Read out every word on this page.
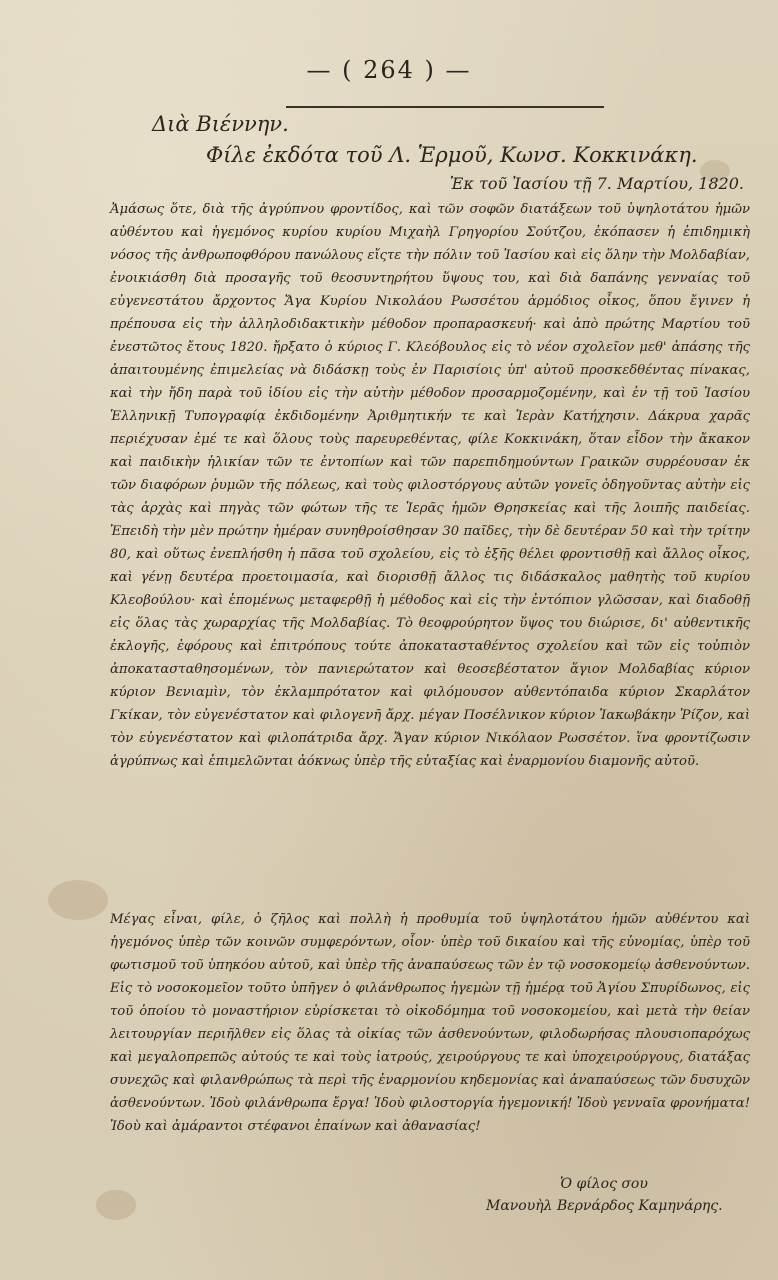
— ( 264 ) —
Διὰ Βιέννην.
Φίλε ἐκδότα τοῦ Λ. Ἑρμοῦ, Κωνσ. Κοκκινάκη.
Ἐκ τοῦ Ἰασίου τῇ 7. Μαρτίου, 1820.
Ἀμάσως ὅτε, διὰ τῆς ἀγρύπνου φροντίδος, καὶ τῶν σοφῶν διατάξεων τοῦ ὑψηλοτάτου ἡμῶν αὐθέντου καὶ ἡγεμόνος κυρίου κυρίου Μιχαὴλ Γρηγορίου Σούτζου, ἐκόπασεν ἡ ἐπιδημικὴ νόσος τῆς ἀνθρωποφθόρου πανώλους εἴςτε τὴν πόλιν τοῦ Ἰασίου καὶ εἰς ὅλην τὴν Μολδαβίαν, ἐνοικιάσθη διὰ προσαγῆς τοῦ θεοσυντηρήτου ὕψους του, καὶ διὰ δαπάνης γενναίας τοῦ εὐγενεστάτου ἄρχοντος Ἄγα Κυρίου Νικολάου Ρωσσέτου ἁρμόδιος οἶκος, ὅπου ἔγινεν ἡ πρέπουσα εἰς τὴν ἀλληλοδιδακτικὴν μέθοδον προπαρασκευή· καὶ ἀπὸ πρώτης Μαρτίου τοῦ ἐνεστῶτος ἔτους 1820. ἤρξατο ὁ κύριος Γ. Κλεόβουλος εἰς τὸ νέον σχολεῖον μεθ' ἁπάσης τῆς ἀπαιτουμένης ἐπιμελείας νὰ διδάσκῃ τοὺς ἐν Παρισίοις ὑπ' αὐτοῦ προσκεδθέντας πίνακας, καὶ τὴν ἤδη παρὰ τοῦ ἰδίου εἰς τὴν αὐτὴν μέθοδον προσαρμοζομένην, καὶ ἐν τῇ τοῦ Ἰασίου Ἑλληνικῇ Τυπογραφίᾳ ἐκδιδομένην Ἀριθμητικήν τε καὶ Ἱερὰν Κατήχησιν. Δάκρυα χαρᾶς περιέχυσαν ἐμέ τε καὶ ὅλους τοὺς παρευρεθέντας, φίλε Κοκκινάκη, ὅταν εἶδον τὴν ἄκακον καὶ παιδικὴν ἡλικίαν τῶν τε ἐντοπίων καὶ τῶν παρεπιδημούντων Γραικῶν συρρέουσαν ἐκ τῶν διαφόρων ῥυμῶν τῆς πόλεως, καὶ τοὺς φιλοστόργους αὐτῶν γονεῖς ὁδηγοῦντας αὐτὴν εἰς τὰς ἀρχὰς καὶ πηγὰς τῶν φώτων τῆς τε Ἱερᾶς ἡμῶν Θρησκείας καὶ τῆς λοιπῆς παιδείας. Ἐπειδὴ τὴν μὲν πρώτην ἡμέραν συνηθροίσθησαν 30 παῖδες, τὴν δὲ δευτέραν 50 καὶ τὴν τρίτην 80, καὶ οὕτως ἐνεπλήσθη ἡ πᾶσα τοῦ σχολείου, εἰς τὸ ἑξῆς θέλει φροντισθῇ καὶ ἄλλος οἶκος, καὶ γένῃ δευτέρα προετοιμασία, καὶ διορισθῇ ἄλλος τις διδάσκαλος μαθητὴς τοῦ κυρίου Κλεοβούλου· καὶ ἑπομένως μεταφερθῇ ἡ μέθοδος καὶ εἰς τὴν ἐντόπιον γλῶσσαν, καὶ διαδοθῇ εἰς ὅλας τὰς χωραρχίας τῆς Μολδαβίας. Τὸ θεοφρούρητον ὕψος του διώρισε, δι' αὐθεντικῆς ἐκλογῆς, ἐφόρους καὶ ἐπιτρόπους τούτε ἀποκατασταθέντος σχολείου καὶ τῶν εἰς τοὐπιὸν ἀποκατασταθησομένων, τὸν πανιερώτατον καὶ θεοσεβέστατον ἅγιον Μολδαβίας κύριον κύριον Βενιαμὶν, τὸν ἐκλαμπρότατον καὶ φιλόμουσον αὐθεντόπαιδα κύριον Σκαρλάτον Γκίκαν, τὸν εὐγενέστατον καὶ φιλογενῆ ἄρχ. μέγαν Ποσέλνικον κύριον Ἰακωβάκην Ῥίζον, καὶ τὸν εὐγενέστατον καὶ φιλοπάτριδα ἄρχ. Ἄγαν κύριον Νικόλαον Ρωσσέτον. ἵνα φροντίζωσιν ἀγρύπνως καὶ ἐπιμελῶνται ἀόκνως ὑπὲρ τῆς εὐταξίας καὶ ἐναρμονίου διαμονῆς αὐτοῦ.
Μέγας εἶναι, φίλε, ὁ ζῆλος καὶ πολλὴ ἡ προθυμία τοῦ ὑψηλοτάτου ἡμῶν αὐθέντου καὶ ἡγεμόνος ὑπὲρ τῶν κοινῶν συμφερόντων, οἷον· ὑπὲρ τοῦ δικαίου καὶ τῆς εὐνομίας, ὑπὲρ τοῦ φωτισμοῦ τοῦ ὑπηκόου αὐτοῦ, καὶ ὑπὲρ τῆς ἀναπαύσεως τῶν ἐν τῷ νοσοκομείῳ ἀσθενούντων. Εἰς τὸ νοσοκομεῖον τοῦτο ὑπῆγεν ὁ φιλάνθρωπος ἡγεμὼν τῇ ἡμέρᾳ τοῦ Ἁγίου Σπυρίδωνος, εἰς τοῦ ὁποίου τὸ μοναστήριον εὑρίσκεται τὸ οἰκοδόμημα τοῦ νοσοκομείου, καὶ μετὰ τὴν θείαν λειτουργίαν περιῆλθεν εἰς ὅλας τὰ οἰκίας τῶν ἀσθενούντων, φιλοδωρήσας πλουσιοπαρόχως καὶ μεγαλοπρεπῶς αὐτούς τε καὶ τοὺς ἰατρούς, χειρούργους τε καὶ ὑποχειρούργους, διατάξας συνεχῶς καὶ φιλανθρώπως τὰ περὶ τῆς ἐναρμονίου κηδεμονίας καὶ ἀναπαύσεως τῶν δυσυχῶν ἀσθενούντων. Ἰδοὺ φιλάνθρωπα ἔργα! Ἰδοὺ φιλοστοργία ἡγεμονική! Ἰδοὺ γενναῖα φρονήματα! Ἰδοὺ καὶ ἀμάραντοι στέφανοι ἐπαίνων καὶ ἀθανασίας!
Ὁ φίλος σου
Μανουὴλ Βερνάρδος Καμηνάρης.
